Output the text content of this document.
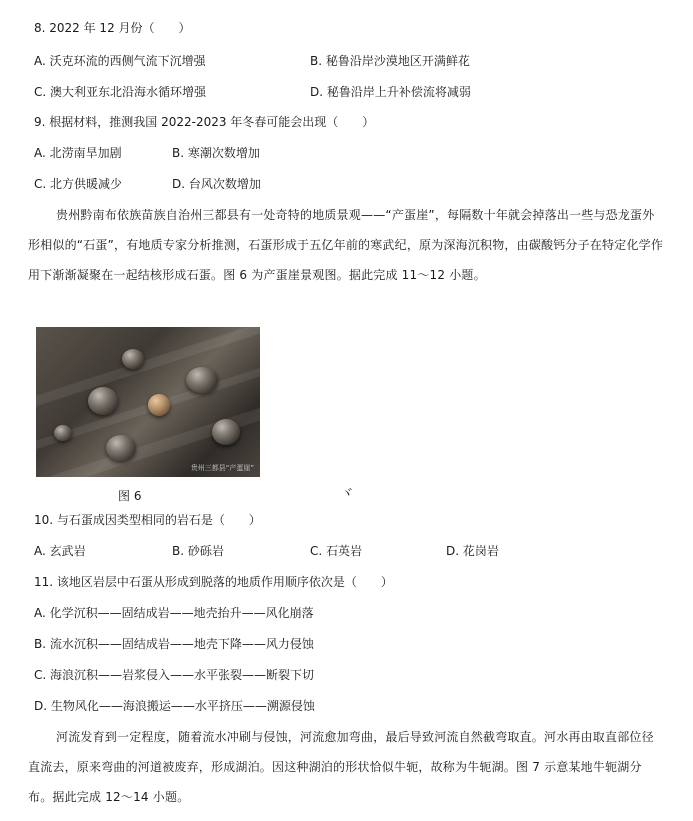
8. 2022 年 12 月份（　　）
A. 沃克环流的西侧气流下沉增强	B. 秘鲁沿岸沙漠地区开满鲜花
C. 澳大利亚东北沿海水循环增强	D. 秘鲁沿岸上升补偿流将减弱
9. 根据材料，推测我国 2022-2023 年冬春可能会出现（　　）
A. 北涝南旱加剧	B. 寒潮次数增加
C. 北方供暖减少	D. 台风次数增加
贵州黔南布依族苗族自治州三都县有一处奇特的地质景观——“产蛋崖”，每隔数十年就会掉落出一些与恐龙蛋外形相似的“石蛋”，有地质专家分析推测，石蛋形成于五亿年前的寒武纪，原为深海沉积物，由碳酸钙分子在特定化学作用下渐渐凝聚在一起结核形成石蛋。图 6 为产蛋崖景观图。据此完成 11～12 小题。
贵州三都县“产蛋崖”
图 6	ヾ
10. 与石蛋成因类型相同的岩石是（　　）
A. 玄武岩	B. 砂砾岩	C. 石英岩	D. 花岗岩
11. 该地区岩层中石蛋从形成到脱落的地质作用顺序依次是（　　）
A. 化学沉积——固结成岩——地壳抬升——风化崩落
B. 流水沉积——固结成岩——地壳下降——风力侵蚀
C. 海浪沉积——岩浆侵入——水平张裂——断裂下切
D. 生物风化——海浪搬运——水平挤压——溯源侵蚀
河流发育到一定程度，随着流水冲刷与侵蚀，河流愈加弯曲，最后导致河流自然截弯取直。河水再由取直部位径直流去，原来弯曲的河道被废弃，形成湖泊。因这种湖泊的形状恰似牛轭，故称为牛轭湖。图 7 示意某地牛轭湖分布。据此完成 12～14 小题。
